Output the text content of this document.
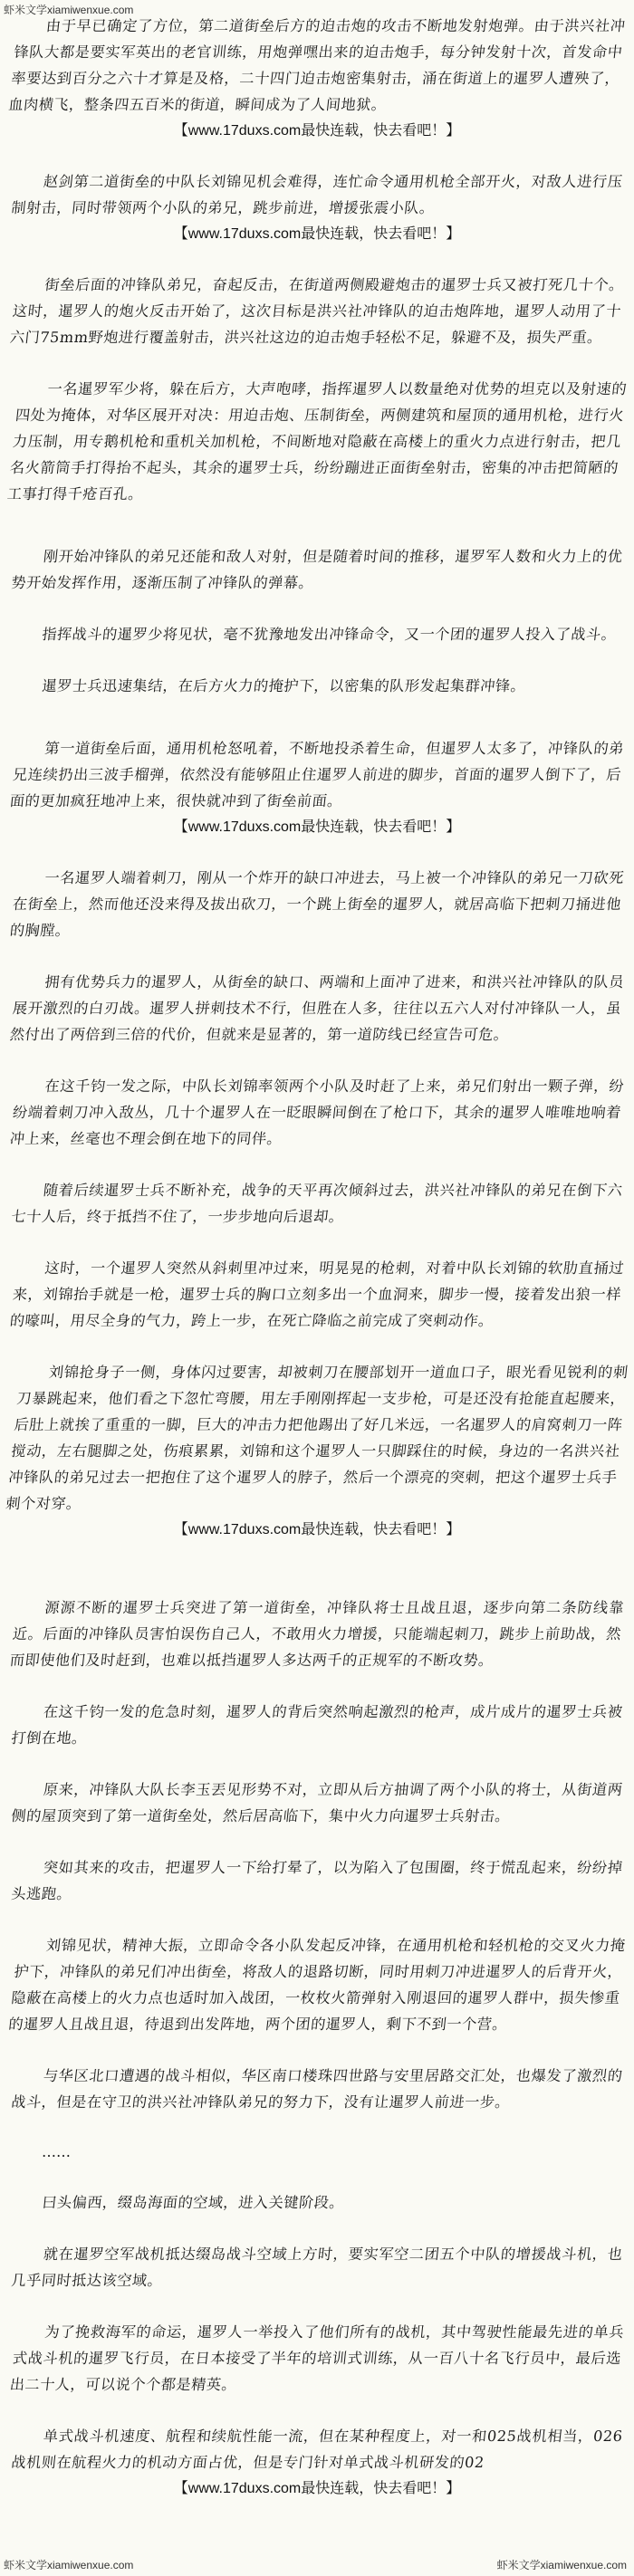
虾米文学xiamiwenxue.com

由于早已确定了方位，第二道街垒后方的迫击炮的攻击不断地发射炮弹。由于洪兴社冲锋队大都是要实军英出的老官训练，用炮弹嘿出来的迫击炮手，每分钟发射十次，首发命中率要达到百分之六十才算是及格，二十四门迫击炮密集射击，涌在街道上的暹罗人遭殃了，血肉横飞，整条四五百米的街道，瞬间成为了人间地狱。

【www.17duxs.com最快连载，快去看吧！】

赵剑第二道街垒的中队长刘锦见机会难得，连忙命令通用机枪全部开火，对敌人进行压制射击，同时带领两个小队的弟兄，跳步前进，增援张震小队。

【www.17duxs.com最快连载，快去看吧！】

街垒后面的冲锋队弟兄，奋起反击，在街道两侧殿避炮击的暹罗士兵又被打死几十个。这时，暹罗人的炮火反击开始了，这次目标是洪兴社冲锋队的迫击炮阵地，暹罗人动用了十六门75mm野炮进行覆盖射击，洪兴社这边的迫击炮手轻松不足，躲避不及，损失严重。

一名暹罗军少将，躲在后方，大声咆哮，指挥暹罗人以数量绝对优势的坦克以及射速的四处为掩体，对华区展开对决：用迫击炮、压制街垒，两侧建筑和屋顶的通用机枪，进行火力压制，用专鹅机枪和重机关加机枪，不间断地对隐蔽在高楼上的重火力点进行射击，把几名火箭筒手打得抬不起头，其余的暹罗士兵，纷纷蹦进正面街垒射击，密集的冲击把简陋的工事打得千疮百孔。

刚开始冲锋队的弟兄还能和敌人对射，但是随着时间的推移，暹罗军人数和火力上的优势开始发挥作用，逐渐压制了冲锋队的弹幕。

指挥战斗的暹罗少将见状，毫不犹豫地发出冲锋命令，又一个团的暹罗人投入了战斗。

暹罗士兵迅速集结，在后方火力的掩护下，以密集的队形发起集群冲锋。

第一道街垒后面，通用机枪怒吼着，不断地投杀着生命，但暹罗人太多了，冲锋队的弟兄连续扔出三波手榴弹，依然没有能够阻止住暹罗人前进的脚步，首面的暹罗人倒下了，后面的更加疯狂地冲上来，很快就冲到了街垒前面。

【www.17duxs.com最快连载，快去看吧！】

一名暹罗人端着刺刀，刚从一个炸开的缺口冲进去，马上被一个冲锋队的弟兄一刀砍死在街垒上，然而他还没来得及拔出砍刀，一个跳上街垒的暹罗人，就居高临下把刺刀捅进他的胸膛。

拥有优势兵力的暹罗人，从街垒的缺口、两端和上面冲了进来，和洪兴社冲锋队的队员展开激烈的白刃战。暹罗人拼刺技术不行，但胜在人多，往往以五六人对付冲锋队一人，虽然付出了两倍到三倍的代价，但就来是显著的，第一道防线已经宣告可危。

在这千钧一发之际，中队长刘锦率领两个小队及时赶了上来，弟兄们射出一颗子弹，纷纷端着刺刀冲入敌丛，几十个暹罗人在一眨眼瞬间倒在了枪口下，其余的暹罗人唯唯地响着冲上来，丝毫也不理会倒在地下的同伴。

随着后续暹罗士兵不断补充，战争的天平再次倾斜过去，洪兴社冲锋队的弟兄在倒下六七十人后，终于抵挡不住了，一步步地向后退却。

这时，一个暹罗人突然从斜刺里冲过来，明晃晃的枪刺，对着中队长刘锦的软肋直捅过来，刘锦抬手就是一枪，暹罗士兵的胸口立刻多出一个血洞来，脚步一慢，接着发出狼一样的嚎叫，用尽全身的气力，跨上一步，在死亡降临之前完成了突刺动作。

刘锦抢身子一侧，身体闪过要害，却被刺刀在腰部划开一道血口子，眼光看见锐利的刺刀暴跳起来，他们看之下忽忙弯腰，用左手刚刚挥起一支步枪，可是还没有抢能直起腰来，后肚上就挨了重重的一脚，巨大的冲击力把他踢出了好几米远，一名暹罗人的肩窝刺刀一阵搅动，左右腿脚之处，伤痕累累，刘锦和这个暹罗人一只脚踩住的时候，身边的一名洪兴社冲锋队的弟兄过去一把抱住了这个暹罗人的脖子，然后一个漂亮的突刺，把这个暹罗士兵手刺个对穿。

【www.17duxs.com最快连载，快去看吧！】

源源不断的暹罗士兵突进了第一道街垒，冲锋队将士且战且退，逐步向第二条防线靠近。后面的冲锋队员害怕误伤自己人，不敢用火力增援，只能端起刺刀，跳步上前助战，然而即使他们及时赶到，也难以抵挡暹罗人多达两千的正规军的不断攻势。

在这千钧一发的危急时刻，暹罗人的背后突然响起激烈的枪声，成片成片的暹罗士兵被打倒在地。

原来，冲锋队大队长李玉丟见形势不对，立即从后方抽调了两个小队的将士，从街道两侧的屋顶突到了第一道街垒处，然后居高临下，集中火力向暹罗士兵射击。

突如其来的攻击，把暹罗人一下给打晕了，以为陷入了包围圈，终于慌乱起来，纷纷掉头逃跑。

刘锦见状，精神大振，立即命令各小队发起反冲锋，在通用机枪和轻机枪的交叉火力掩护下，冲锋队的弟兄们冲出街垒，将敌人的退路切断，同时用刺刀冲进暹罗人的后背开火，隐蔽在高楼上的火力点也适时加入战团，一枚枚火箭弹射入刚退回的暹罗人群中，损失惨重的暹罗人且战且退，待退到出发阵地，两个团的暹罗人，剩下不到一个营。

与华区北口遭遇的战斗相似，华区南口楼珠四世路与安里居路交汇处，也爆发了激烈的战斗，但是在守卫的洪兴社冲锋队弟兄的努力下，没有让暹罗人前进一步。

……

曰头偏西，缀岛海面的空域，进入关键阶段。

就在暹罗空军战机抵达缀岛战斗空域上方时，要实军空二团五个中队的增援战斗机，也几乎同时抵达该空域。

为了挽救海军的命运，暹罗人一举投入了他们所有的战机，其中驾驶性能最先进的单兵式战斗机的暹罗飞行员，在日本接受了半年的培训式训练，从一百八十名飞行员中，最后选出二十人，可以说个个都是精英。

单式战斗机速度、航程和续航性能一流，但在某种程度上，对一和025战机相当，026战机则在航程火力的机动方面占优，但是专门针对单式战斗机研发的02

【www.17duxs.com最快连载，快去看吧！】
虾米文学xiamiwenxue.com	虾米文学xiamiwenxue.com
